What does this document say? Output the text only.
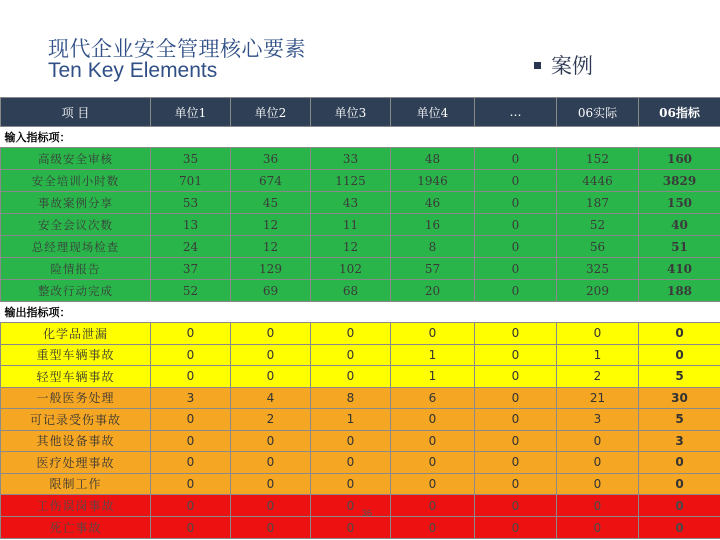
现代企业安全管理核心要素
Ten Key Elements	案例
项 目	单位1	单位2	单位3	单位4	…	06实际	06指标
输入指标项：							
高级安全审核	35	36	33	48	0	152	160
安全培训小时数	701	674	1125	1946	0	4446	3829
事故案例分享	53	45	43	46	0	187	150
安全会议次数	13	12	11	16	0	52	40
总经理现场检查	24	12	12	8	0	56	51
险情报告	37	129	102	57	0	325	410
整改行动完成	52	69	68	20	0	209	188
输出指标项：							
化学品泄漏	0	0	0	0	0	0	0
重型车辆事故	0	0	0	1	0	1	0
轻型车辆事故	0	0	0	1	0	2	5
一般医务处理	3	4	8	6	0	21	30
可记录受伤事故	0	2	1	0	0	3	5
其他设备事故	0	0	0	0	0	0	3
医疗处理事故	0	0	0	0	0	0	0
限制工作	0	0	0	0	0	0	0
工伤误岗事故	0	0	0	0	0	0	0
死亡事故	0	0	0	0	0	0	0
36
